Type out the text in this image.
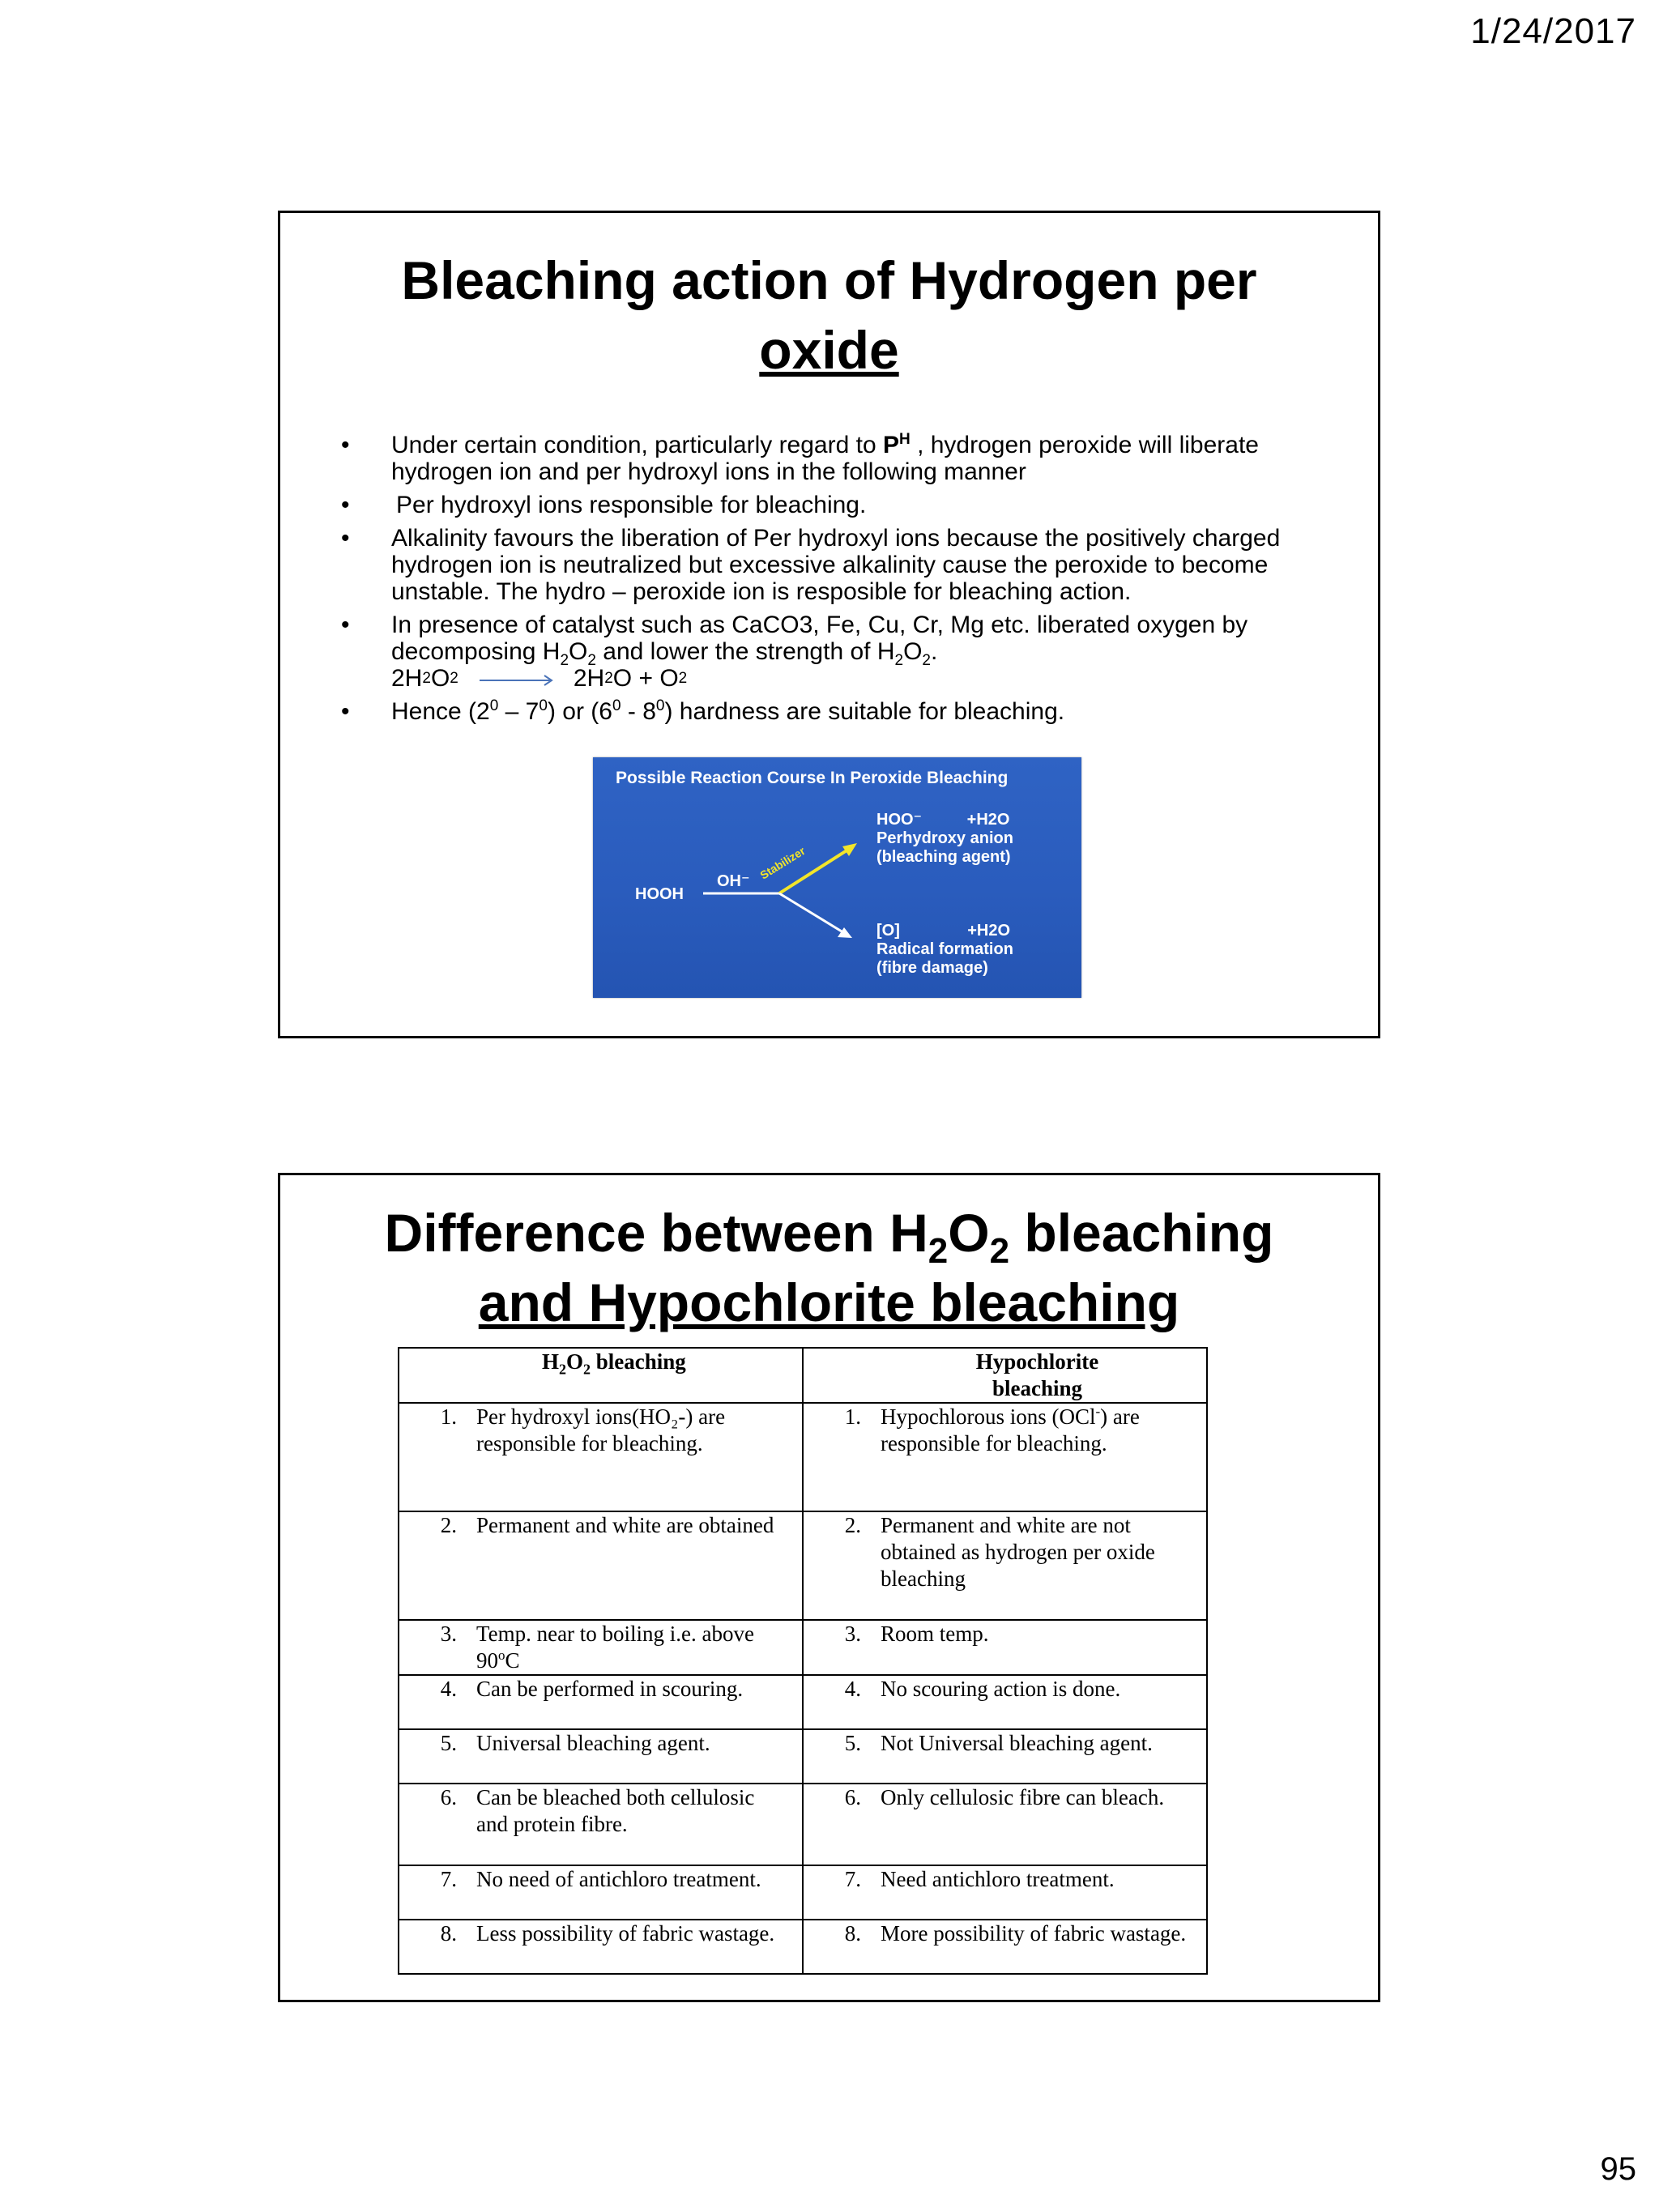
1/24/2017
Bleaching action of Hydrogen per
oxide
• Under certain condition, particularly regard to $P^H$ , hydrogen peroxide will liberate hydrogen ion and per hydroxyl ions in the following manner
• Per hydroxyl ions responsible for bleaching.
• Alkalinity favours the liberation of Per hydroxyl ions because the positively charged hydrogen ion is neutralized but excessive alkalinity cause the peroxide to become unstable. The hydro – peroxide ion is resposible for bleaching action.
• In presence of catalyst such as CaCO3, Fe, Cu, Cr, Mg etc. liberated oxygen by decomposing $H_2O_2$ and lower the strength of $H_2O_2$.
2H 2 O 2 → 2H 2 O + O 2
• Hence $(2^0 - 7^0)$ or $(6^0 - 8^0)$ hardness are suitable for bleaching.
Possible Reaction Course In Peroxide Bleaching
HOOH
OH⁻ Stabilizer
HOO⁻          +H2O
Perhydroxy anion
(bleaching agent)
[O]               +H2O
Radical formation
(fibre damage)
Difference between $H_2O_2$ bleaching
and Hypochlorite bleaching
$H_2O_2$ bleaching	Hypochlorite bleaching

1. Per hydroxyl ions(HO₂-) are responsible for bleaching.	1. Hypochlorous ions (OCl-) are responsible for bleaching.

2. Permanent and white are obtained	2. Permanent and white are not obtained as hydrogen per oxide bleaching

3. Temp. near to boiling i.e. above 90$^o$C	3. Room temp.

4. Can be performed in scouring.	4. No scouring action is done.

5. Universal bleaching agent.	5. Not Universal bleaching agent.

6. Can be bleached both cellulosic and protein fibre.	6. Only cellulosic fibre can bleach.

7. No need of antichloro treatment.	7. Need antichloro treatment.

8. Less possibility of fabric wastage.	8. More possibility of fabric wastage.
95
